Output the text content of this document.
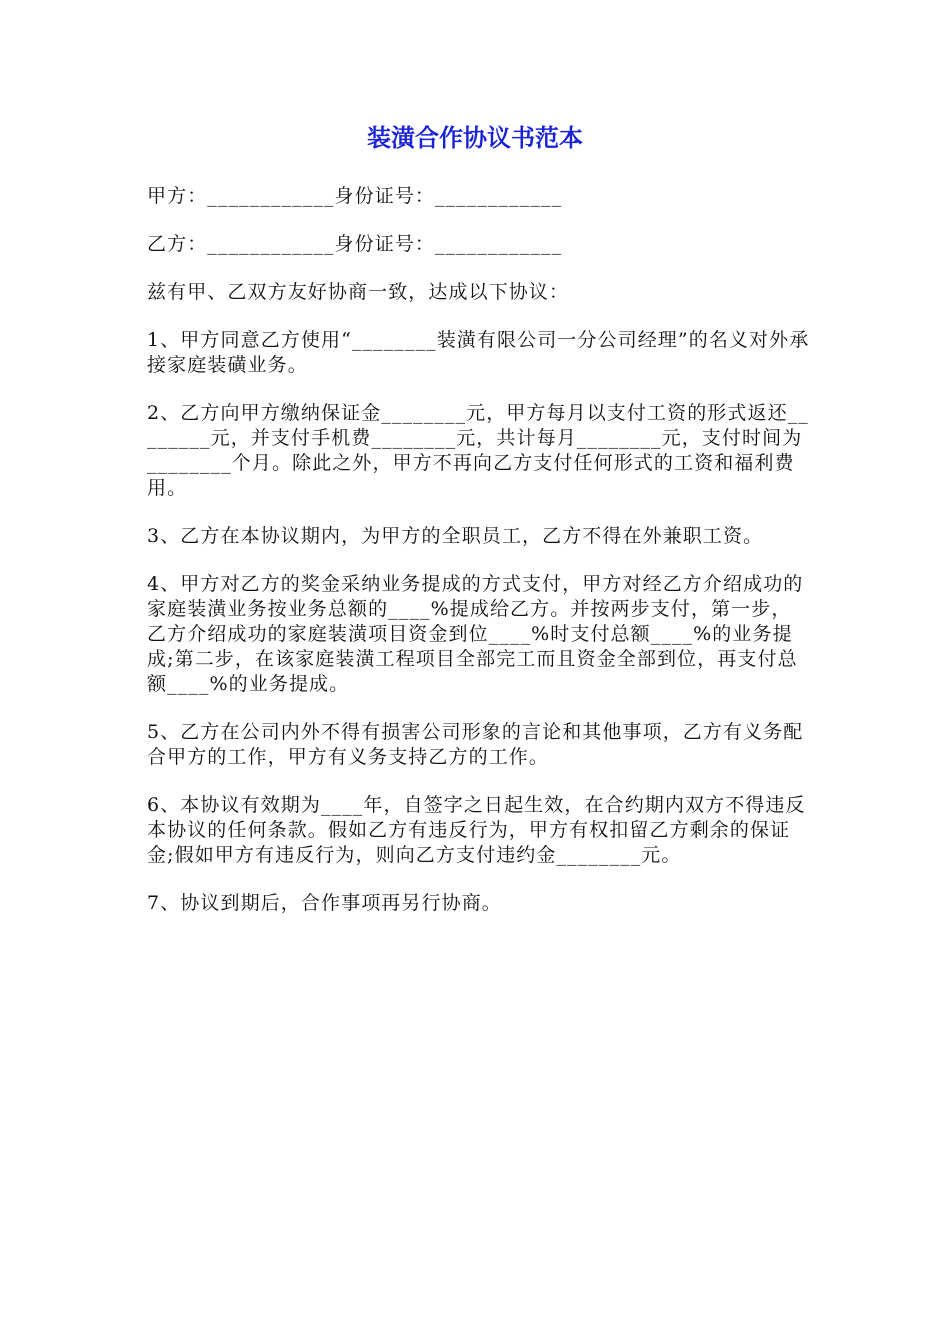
装潢合作协议书范本

甲方：____________身份证号：____________

乙方：____________身份证号：____________

兹有甲、乙双方友好协商一致，达成以下协议：

1、甲方同意乙方使用“________装潢有限公司一分公司经理”的名义对外承接家庭装磺业务。

2、乙方向甲方缴纳保证金________元，甲方每月以支付工资的形式返还________元，并支付手机费________元，共计每月________元，支付时间为________个月。除此之外，甲方不再向乙方支付任何形式的工资和福利费用。

3、乙方在本协议期内，为甲方的全职员工，乙方不得在外兼职工资。

4、甲方对乙方的奖金采纳业务提成的方式支付，甲方对经乙方介绍成功的家庭装潢业务按业务总额的____%提成给乙方。并按两步支付，第一步，乙方介绍成功的家庭装潢项目资金到位____%时支付总额____%的业务提成;第二步，在该家庭装潢工程项目全部完工而且资金全部到位，再支付总额____%的业务提成。

5、乙方在公司内外不得有损害公司形象的言论和其他事项，乙方有义务配合甲方的工作，甲方有义务支持乙方的工作。

6、本协议有效期为____年，自签字之日起生效，在合约期内双方不得违反本协议的任何条款。假如乙方有违反行为，甲方有权扣留乙方剩余的保证金;假如甲方有违反行为，则向乙方支付违约金________元。

7、协议到期后，合作事项再另行协商。
